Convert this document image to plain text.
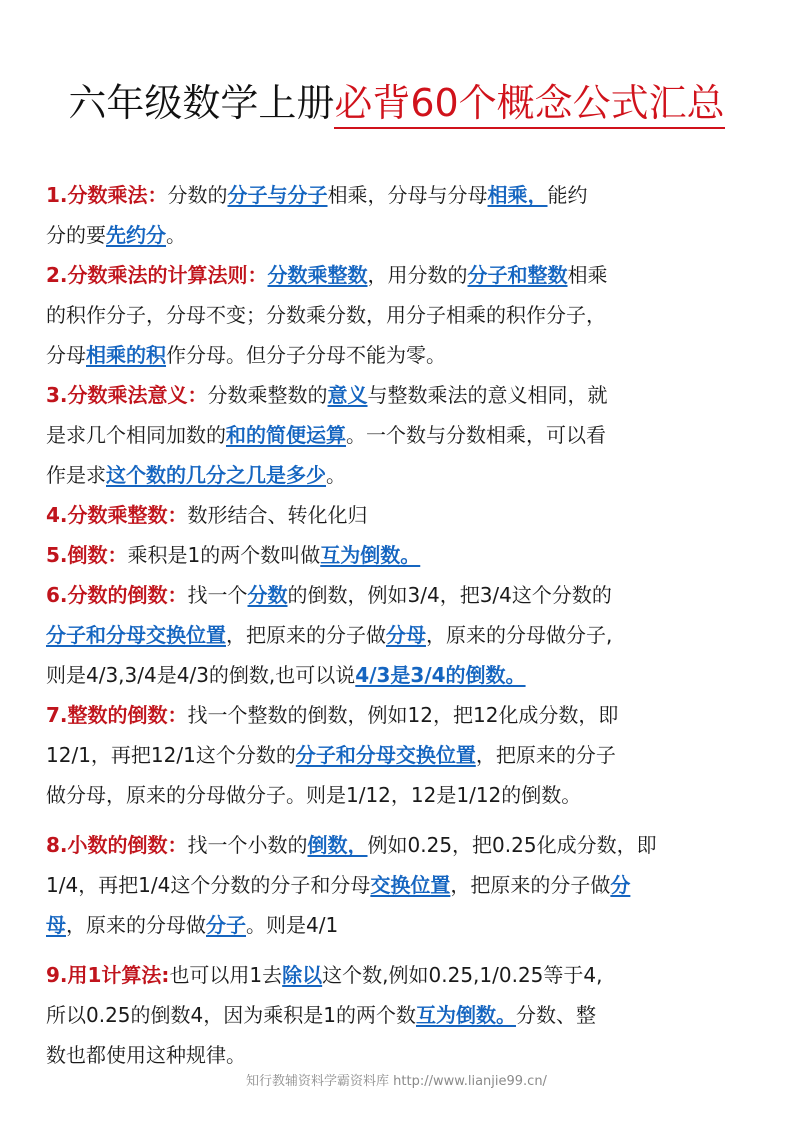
六年级数学上册必背60个概念公式汇总
1.分数乘法：分数的分子与分子相乘，分母与分母相乘，能约
分的要先约分。
2.分数乘法的计算法则：分数乘整数，用分数的分子和整数相乘
的积作分子，分母不变；分数乘分数，用分子相乘的积作分子，
分母相乘的积作分母。但分子分母不能为零。
3.分数乘法意义：分数乘整数的意义与整数乘法的意义相同，就
是求几个相同加数的和的简便运算。一个数与分数相乘，可以看
作是求这个数的几分之几是多少。
4.分数乘整数：数形结合、转化化归
5.倒数：乘积是1的两个数叫做互为倒数。
6.分数的倒数：找一个分数的倒数，例如3/4，把3/4这个分数的
分子和分母交换位置，把原来的分子做分母，原来的分母做分子,
则是4/3,3/4是4/3的倒数,也可以说4/3是3/4的倒数。
7.整数的倒数：找一个整数的倒数，例如12，把12化成分数，即
12/1，再把12/1这个分数的分子和分母交换位置，把原来的分子
做分母，原来的分母做分子。则是1/12，12是1/12的倒数。
8.小数的倒数：找一个小数的倒数，例如0.25，把0.25化成分数，即
1/4，再把1/4这个分数的分子和分母交换位置，把原来的分子做分
母，原来的分母做分子。则是4/1
9.用1计算法:也可以用1去除以这个数,例如0.25,1/0.25等于4,
所以0.25的倒数4，因为乘积是1的两个数互为倒数。分数、整
数也都使用这种规律。
知行教辅资料学霸资料库 http://www.lianjie99.cn/
